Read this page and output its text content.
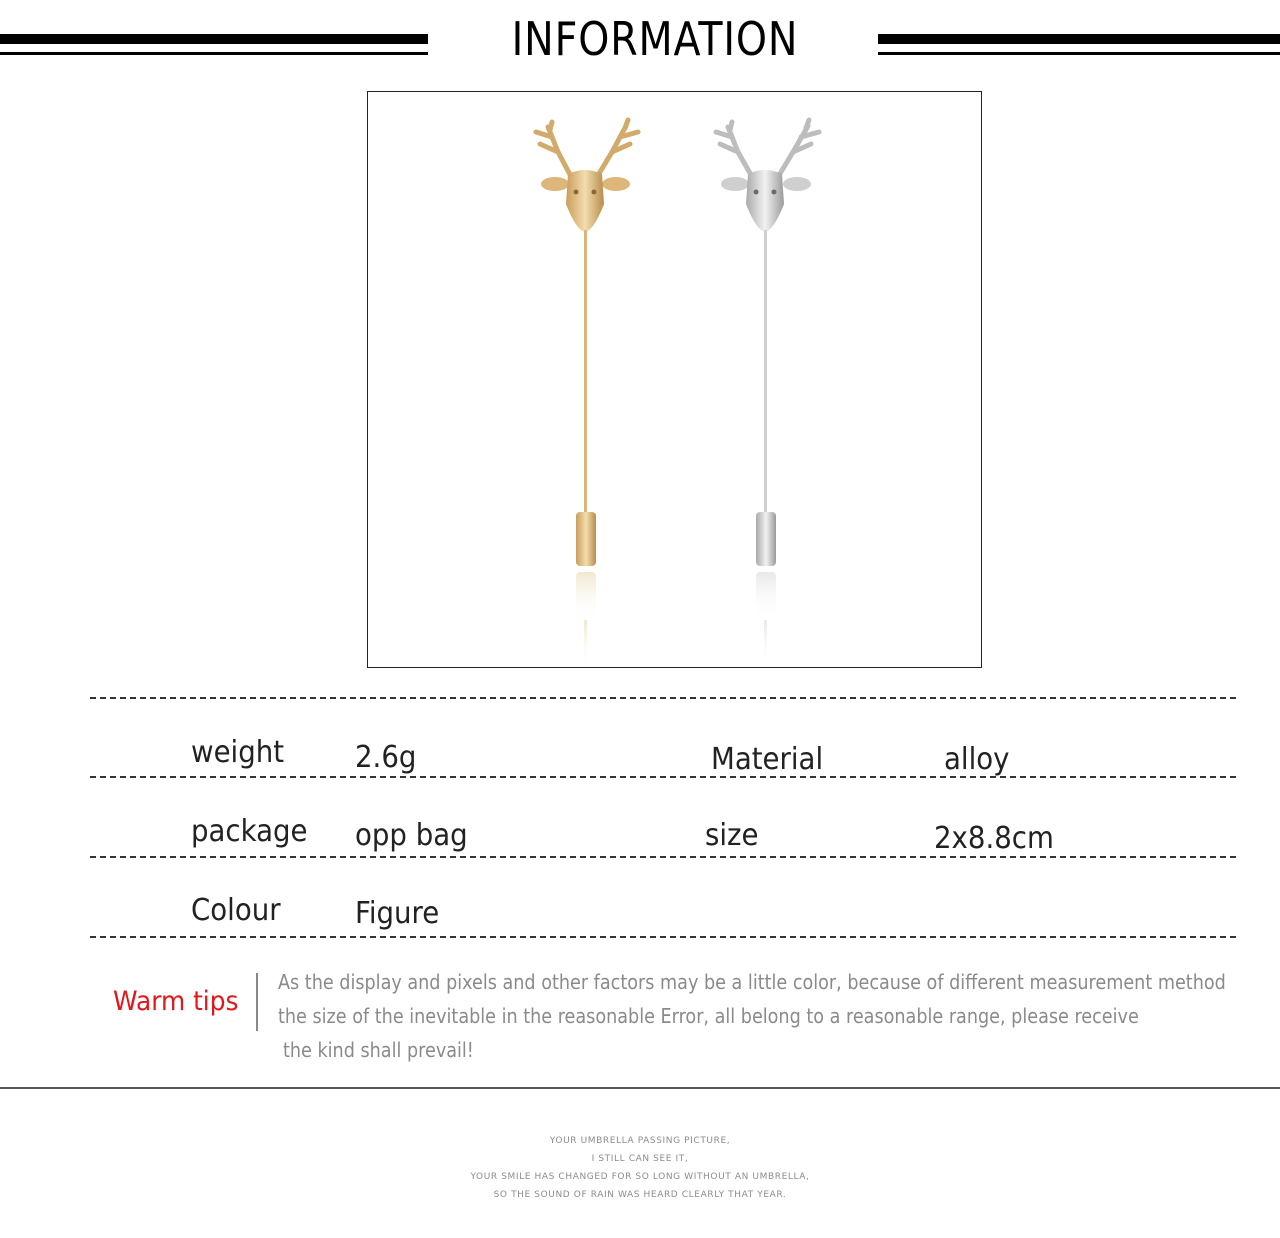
INFORMATION
weight 2.6g	Material	alloy
package opp bag	size	2x8.8cm
Colour Figure
Warm tips
As the display and pixels and other factors may be a little color, because of different measurement method
the size of the inevitable in the reasonable Error, all belong to a reasonable range, please receive
the kind shall prevail!
YOUR UMBRELLA PASSING PICTURE,
I STILL CAN SEE IT,
YOUR SMILE HAS CHANGED FOR SO LONG WITHOUT AN UMBRELLA,
SO THE SOUND OF RAIN WAS HEARD CLEARLY THAT YEAR.
